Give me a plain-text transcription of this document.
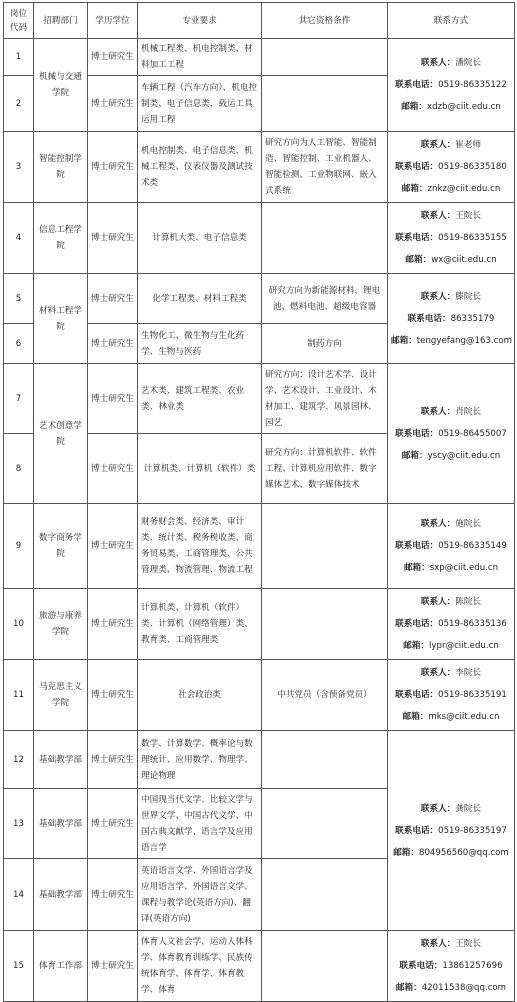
岗位代码	招聘部门	学历学位	专业要求	其它资格条件	联系方式
1	机械与交通学院	博士研究生	机械工程类、机电控制类、材料加工工程		联系人：潘院长
联系电话：0519-86335122
邮箱：xdzb@ciit.edu.cn

2		博士研究生	车辆工程（汽车方向）、机电控制类、电子信息类、载运工具运用工程		
3	智能控制学院	博士研究生	机电控制类、电子信息类、机械工程类、仪表仪器及测试技术类	研究方向为人工智能、智能制造、智能控制、工业机器人、智能检测、工业物联网、嵌入式系统	联系人：崔老师
联系电话：0519-86335180
邮箱：znkz@ciit.edu.cn

4	信息工程学院	博士研究生	计算机大类、电子信息类		联系人：王院长
联系电话：0519-86335155
邮箱：wx@ciit.edu.cn

5	材料工程学院	博士研究生	化学工程类、材料工程类	研究方向为新能源材料，锂电池、燃料电池、超级电容器	联系人：滕院长
联系电话：86335179
邮箱：tengyefang@163.com

6		博士研究生	生物化工、微生物与生化药学、生物与医药	制药方向	
7	艺术创意学院	博士研究生	艺术类、建筑工程类、农业类、林业类	研究方向：设计艺术学、设计学、艺术设计、工业设计、木材加工、建筑学、风景园林、园艺	联系人：肖院长
联系电话：0519-86455007
邮箱：yscy@ciit.edu.cn

8		博士研究生	计算机类、计算机（软件）类	研究方向：计算机软件、软件工程、计算机应用软件、数字媒体艺术、数字媒体技术	
9	数字商务学院	博士研究生	财务财会类、经济类、审计类、统计类、税务税收类、商务贸易类、工商管理类、公共管理类、物流管理、物流工程		联系人：施院长
联系电话：0519-86335149
邮箱：sxp@ciit.edu.cn

10	旅游与康养学院	博士研究生	计算机类、计算机（软件）类、计算机（网络管理）类、教育类、工商管理类		联系人：陈院长
联系电话：0519-86335136
邮箱：lypr@ciit.edu.cn

11	马克思主义学院	博士研究生	社会政治类	中共党员（含预备党员）	联系人：李院长
联系电话：0519-86335191
邮箱：mks@ciit.edu.cn

12	基础教学部	博士研究生	数学、计算数学、概率论与数理统计、应用数学、物理学、理论物理		联系人：龚院长
联系电话：0519-86335197
邮箱：804956560@qq.com

13	基础教学部	博士研究生	中国现当代文学、比较文学与世界文学、中国古代文学、中国古典文献学、语言学及应用语言学		
14	基础教学部	博士研究生	英语语言文学、外国语言学及应用语言学、外国语言文学、课程与教学论(英语方向)、翻译(英语方向)		
15	体育工作部	博士研究生	体育人文社会学、运动人体科学、体育教育训练学、民族传统体育学、体育学、体育教学、体育		联系人：王院长
联系电话：13861257696
邮箱：42011538@qq.com
